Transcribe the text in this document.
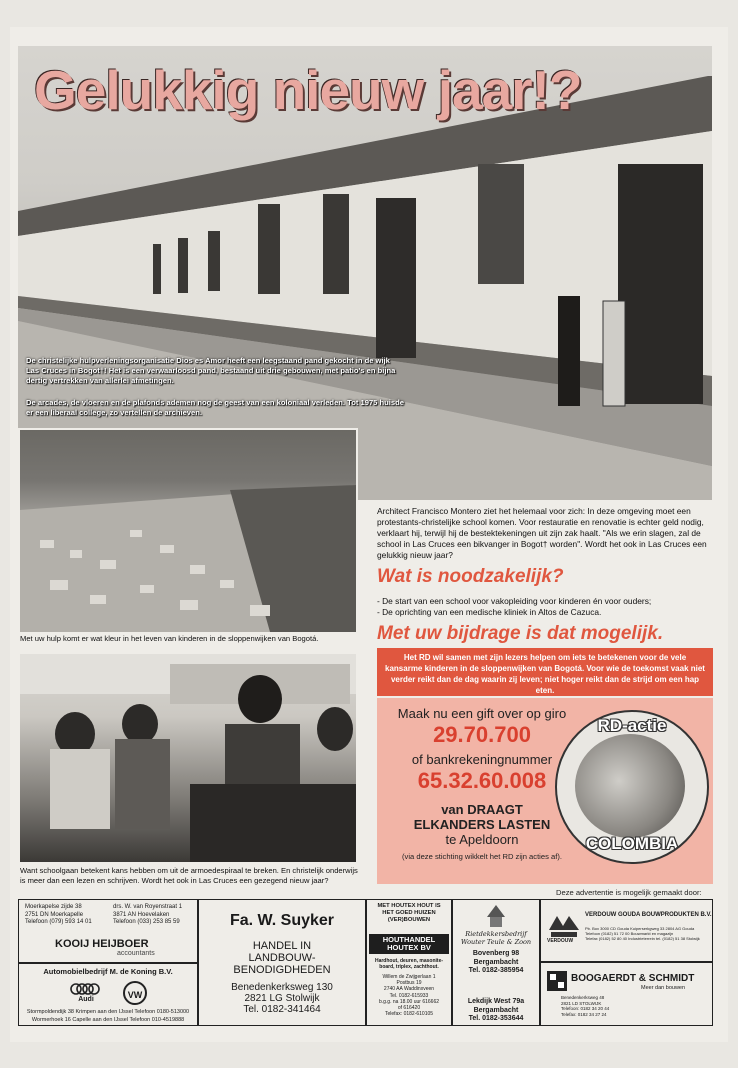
De christelijke hulpverleningsorganisatie Dios es Amor heeft een leegstaand pand gekocht in de wijk Las Cruces in Bogot†! Het is een verwaarloosd pand, bestaand uit drie gebouwen, met patio's en bijna dertig vertrekken van allerlei afmetingen.
De arcades, de vloeren en de plafonds ademen nog de geest van een koloniaal verleden. Tot 1975 huisde er een liberaal college, zo vertellen de archieven.
Gelukkig nieuw jaar!?
Met uw hulp komt er wat kleur in het leven van kinderen in de sloppenwijken van Bogotá.
Want schoolgaan betekent kans hebben om uit de armoedespiraal te breken. En christelijk onderwijs is meer dan een lezen en schrijven. Wordt het ook in Las Cruces een gezegend nieuw jaar?
Architect Francisco Montero ziet het helemaal voor zich: In deze omgeving moet een protestants-christelijke school komen. Voor restauratie en renovatie is echter geld nodig, verklaart hij, terwijl hij de bestektekeningen uit zijn zak haalt. "Als we erin slagen, zal de school in Las Cruces een bikvanger in Bogot† worden". Wordt het ook in Las Cruces een gelukkig nieuw jaar?
Wat is noodzakelijk?
- De start van een school voor vakopleiding voor kinderen én voor ouders;
- De oprichting van een medische kliniek in Altos de Cazuca.
Met uw bijdrage is dat mogelijk.
Het RD wil samen met zijn lezers helpen om iets te betekenen voor de vele kansarme kinderen in de sloppenwijken van Bogotá. Voor wie de toekomst vaak niet verder reikt dan de dag waarin zij leven; niet hoger reikt dan de strijd om een hap eten.
Maak nu een gift over op giro
29.70.700
of bankrekeningnummer
65.32.60.008
van DRAAGT
ELKANDERS LASTEN
te Apeldoorn
(via deze stichting wikkelt het RD zijn acties af).
RD-actie
COLOMBIA
Deze advertentie is mogelijk gemaakt door:
Moerkapelse zijde 38
2751 DN Moerkapelle
Telefoon (079) 593 14 01
drs. W. van Royenstraat 1
3871 AN Hoevelaken
Telefoon (033) 253 85 59
KOOIJ HEIJBOER
accountants
Automobielbedrijf M. de Koning B.V.
Audi	VW
Stormpoldendijk 38 Krimpen aan den IJssel Telefoon 0180-513000
Wormerhoek 16 Capelle aan den IJssel Telefoon 010-4519888
Fa. W. Suyker
HANDEL IN
LANDBOUW-
BENODIGDHEDEN
Benedenkerksweg 130
2821 LG Stolwijk
Tel. 0182-341464
MET HOUTEX HOUT IS
HET GOED HUIZEN
(VER)BOUWEN
HOUTHANDEL
HOUTEX BV
Hardhout, deuren, masonite-
board, triplex, zachthout.
Willem de Zwijgerlaan 1
Postbus 19
2740 AA Waddinxveen
Tel. 0182-615933
b.g.g. na 18.00 uur 616662
of 616420
Telefax: 0182-610105
Rietdekkersbedrijf
Wouter Teule & Zoon
Bovenberg 98
Bergambacht
Tel. 0182-385954
Lekdijk West 79a
Bergambacht
Tel. 0182-353644
VERDOUW
VERDOUW GOUDA BOUWPRODUKTEN B.V.
Pb. Box 3000 CD Gouda Kuiperserkgweg 33 2804 AG Gouda
Telefoon (0182) 51 72 00 Bouwmarkt en magazijn
Telefax (0182) 52 80 40 Industrieterrein tel. (0182) 51 38 Stolwijk
BOOGAERDT & SCHMIDT
Meer dan bouwen
Benedenkerksweg 48
2821 LD STOLWIJK
Telefoon: 0182 34 20 44
Telefax: 0182 34 27 24
